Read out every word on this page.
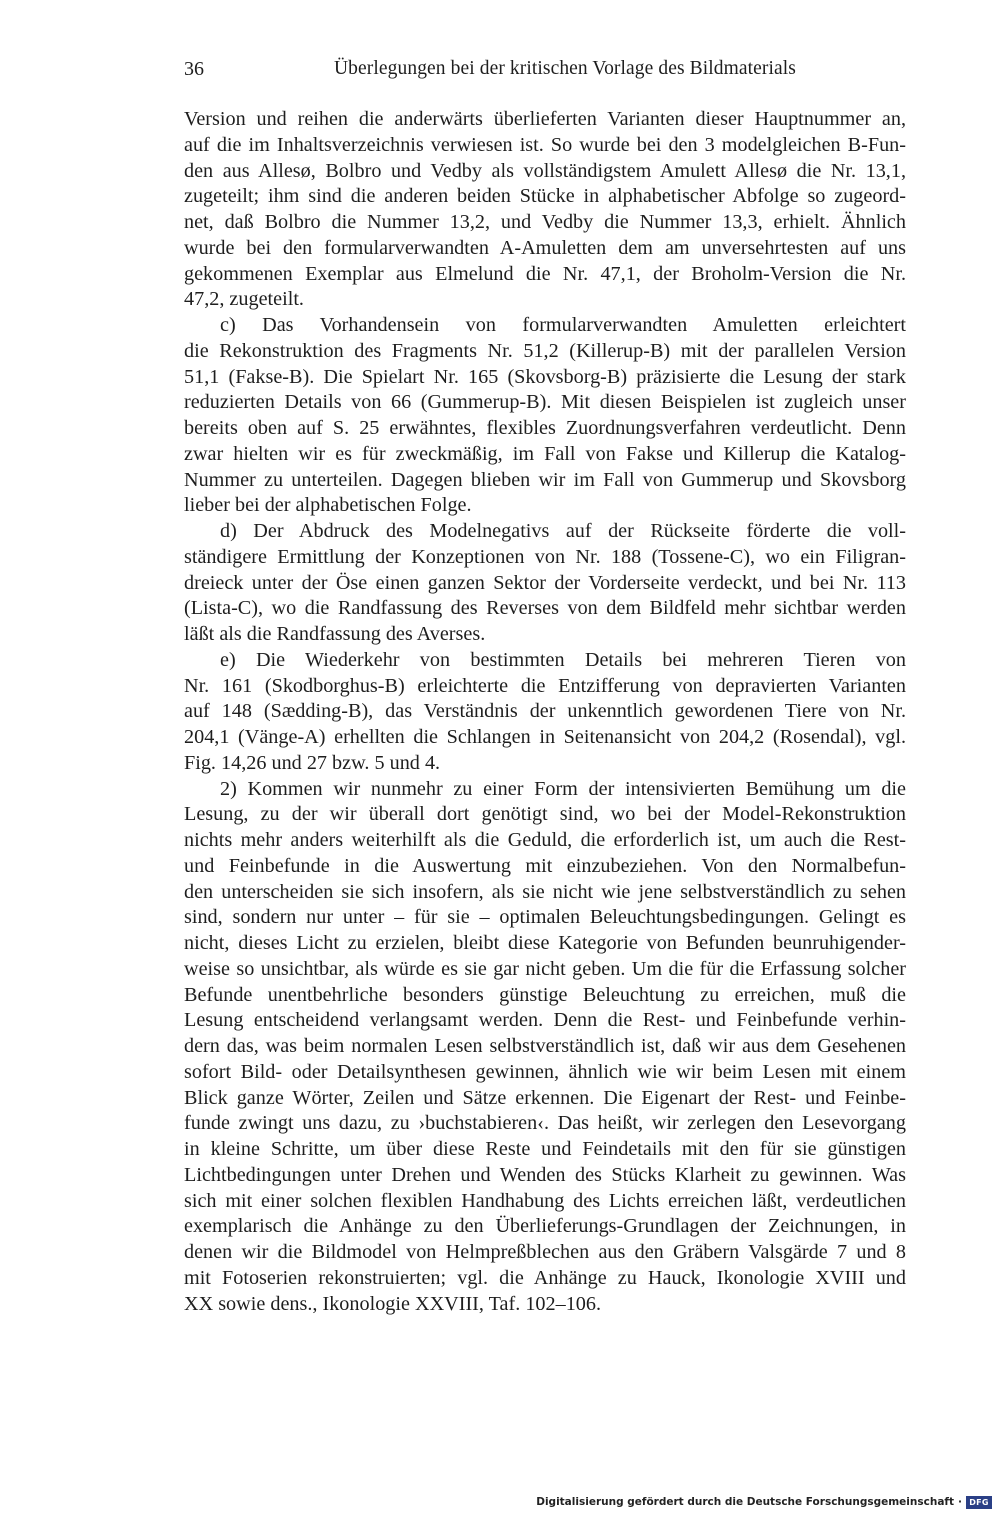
36	Überlegungen bei der kritischen Vorlage des Bildmaterials
Version und reihen die anderwärts überlieferten Varianten dieser Hauptnummer an,
auf die im Inhaltsverzeichnis verwiesen ist. So wurde bei den 3 modelgleichen B-Fun-
den aus Allesø, Bolbro und Vedby als vollständigstem Amulett Allesø die Nr. 13,1,
zugeteilt; ihm sind die anderen beiden Stücke in alphabetischer Abfolge so zugeord-
net, daß Bolbro die Nummer 13,2, und Vedby die Nummer 13,3, erhielt. Ähnlich
wurde bei den formularverwandten A-Amuletten dem am unversehrtesten auf uns
gekommenen Exemplar aus Elmelund die Nr. 47,1, der Broholm-Version die Nr.
47,2, zugeteilt.
c) Das Vorhandensein von formularverwandten Amuletten erleichtert
die Rekonstruktion des Fragments Nr. 51,2 (Killerup-B) mit der parallelen Version
51,1 (Fakse-B). Die Spielart Nr. 165 (Skovsborg-B) präzisierte die Lesung der stark
reduzierten Details von 66 (Gummerup-B). Mit diesen Beispielen ist zugleich unser
bereits oben auf S. 25 erwähntes, flexibles Zuordnungsverfahren verdeutlicht. Denn
zwar hielten wir es für zweckmäßig, im Fall von Fakse und Killerup die Katalog-
Nummer zu unterteilen. Dagegen blieben wir im Fall von Gummerup und Skovsborg
lieber bei der alphabetischen Folge.
d) Der Abdruck des Modelnegativs auf der Rückseite förderte die voll-
ständigere Ermittlung der Konzeptionen von Nr. 188 (Tossene-C), wo ein Filigran-
dreieck unter der Öse einen ganzen Sektor der Vorderseite verdeckt, und bei Nr. 113
(Lista-C), wo die Randfassung des Reverses von dem Bildfeld mehr sichtbar werden
läßt als die Randfassung des Averses.
e) Die Wiederkehr von bestimmten Details bei mehreren Tieren von
Nr. 161 (Skodborghus-B) erleichterte die Entzifferung von depravierten Varianten
auf 148 (Sædding-B), das Verständnis der unkenntlich gewordenen Tiere von Nr.
204,1 (Vänge-A) erhellten die Schlangen in Seitenansicht von 204,2 (Rosendal), vgl.
Fig. 14,26 und 27 bzw. 5 und 4.
2) Kommen wir nunmehr zu einer Form der intensivierten Bemühung um die
Lesung, zu der wir überall dort genötigt sind, wo bei der Model-Rekonstruktion
nichts mehr anders weiterhilft als die Geduld, die erforderlich ist, um auch die Rest-
und Feinbefunde in die Auswertung mit einzubeziehen. Von den Normalbefun-
den unterscheiden sie sich insofern, als sie nicht wie jene selbstverständlich zu sehen
sind, sondern nur unter – für sie – optimalen Beleuchtungsbedingungen. Gelingt es
nicht, dieses Licht zu erzielen, bleibt diese Kategorie von Befunden beunruhigender-
weise so unsichtbar, als würde es sie gar nicht geben. Um die für die Erfassung solcher
Befunde unentbehrliche besonders günstige Beleuchtung zu erreichen, muß die
Lesung entscheidend verlangsamt werden. Denn die Rest- und Feinbefunde verhin-
dern das, was beim normalen Lesen selbstverständlich ist, daß wir aus dem Gesehenen
sofort Bild- oder Detailsynthesen gewinnen, ähnlich wie wir beim Lesen mit einem
Blick ganze Wörter, Zeilen und Sätze erkennen. Die Eigenart der Rest- und Feinbe-
funde zwingt uns dazu, zu ›buchstabieren‹. Das heißt, wir zerlegen den Lesevorgang
in kleine Schritte, um über diese Reste und Feindetails mit den für sie günstigen
Lichtbedingungen unter Drehen und Wenden des Stücks Klarheit zu gewinnen. Was
sich mit einer solchen flexiblen Handhabung des Lichts erreichen läßt, verdeutlichen
exemplarisch die Anhänge zu den Überlieferungs-Grundlagen der Zeichnungen, in
denen wir die Bildmodel von Helmpreßblechen aus den Gräbern Valsgärde 7 und 8
mit Fotoserien rekonstruierten; vgl. die Anhänge zu Hauck, Ikonologie XVIII und
XX sowie dens., Ikonologie XXVIII, Taf. 102–106.
Digitalisierung gefördert durch die Deutsche Forschungsgemeinschaft · DFG
